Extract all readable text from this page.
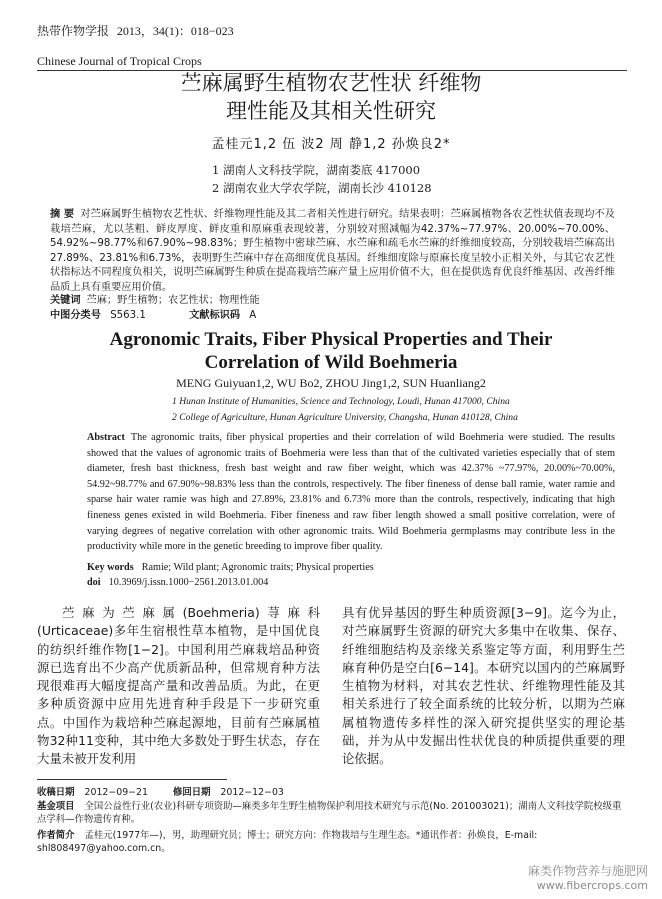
热带作物学报 2013，34(1)：018−023
Chinese Journal of Tropical Crops
苎麻属野生植物农艺性状 纤维物
理性能及其相关性研究
孟桂元1,2 伍 波2 周 静1,2 孙焕良2*
1 湖南人文科技学院，湖南娄底 417000
2 湖南农业大学农学院，湖南长沙 410128
摘 要 对苎麻属野生植物农艺性状、纤维物理性能及其二者相关性进行研究。结果表明：苎麻属植物各农艺性状值表现均不及栽培苎麻，尤以茎粗、鲜皮厚度、鲜皮重和原麻重表现较著，分别较对照减幅为42.37%~77.97%、20.00%~70.00%、54.92%~98.77%和67.90%~98.83%；野生植物中密球苎麻、水苎麻和疏毛水苎麻的纤维细度较高，分别较栽培苎麻高出27.89%、23.81%和6.73%，表明野生苎麻中存在高细度优良基因。纤维细度除与原麻长度呈较小正相关外，与其它农艺性状指标达不同程度负相关，说明苎麻属野生种质在提高栽培苎麻产量上应用价值不大，但在提供选育优良纤维基因、改善纤维品质上具有重要应用价值。
关键词 苎麻；野生植物；农艺性状；物理性能
中图分类号 S563.1	文献标识码 A
Agronomic Traits, Fiber Physical Properties and Their
Correlation of Wild Boehmeria
MENG Guiyuan1,2, WU Bo2, ZHOU Jing1,2, SUN Huanliang2
1 Hunan Institute of Humanities, Science and Technology, Loudi, Hunan 417000, China
2 College of Agriculture, Hunan Agriculture University, Changsha, Hunan 410128, China
Abstract The agronomic traits, fiber physical properties and their correlation of wild Boehmeria were studied. The results showed that the values of agronomic traits of Boehmeria were less than that of the cultivated varieties especially that of stem diameter, fresh bast thickness, fresh bast weight and raw fiber weight, which was 42.37% ~77.97%, 20.00%~70.00%, 54.92~98.77% and 67.90%~98.83% less than the controls, respectively. The fiber fineness of dense ball ramie, water ramie and sparse hair water ramie was high and 27.89%, 23.81% and 6.73% more than the controls, respectively, indicating that high fineness genes existed in wild Boehmeria. Fiber fineness and raw fiber length showed a small positive correlation, were of varying degrees of negative correlation with other agronomic traits. Wild Boehmeria germplasms may contribute less in the productivity while more in the genetic breeding to improve fiber quality.
Key words Ramie; Wild plant; Agronomic traits; Physical properties
doi 10.3969/j.issn.1000−2561.2013.01.004
苎麻为苎麻属(Boehmeria)荨麻科(Urticaceae)多年生宿根性草本植物，是中国优良的纺织纤维作物[1−2]。中国利用苎麻栽培品种资源已选育出不少高产优质新品种，但常规育种方法现很难再大幅度提高产量和改善品质。为此，在更多种质资源中应用先进育种手段是下一步研究重点。中国作为栽培种苎麻起源地，目前有苎麻属植物32种11变种，其中绝大多数处于野生状态，存在大量未被开发利用
具有优异基因的野生种质资源[3−9]。迄今为止，对苎麻属野生资源的研究大多集中在收集、保存、纤维细胞结构及亲缘关系鉴定等方面，利用野生苎麻育种仍是空白[6−14]。本研究以国内的苎麻属野生植物为材料，对其农艺性状、纤维物理性能及其相关系进行了较全面系统的比较分析，以期为苎麻属植物遗传多样性的深入研究提供坚实的理论基础，并为从中发掘出性状优良的种质提供重要的理论依据。
收稿日期 2012−09−21	修回日期 2012−12−03
基金项目 全国公益性行业(农业)科研专项资助—麻类多年生野生植物保护利用技术研究与示范(No. 201003021)；湖南人文科技学院校级重点学科—作物遗传育种。
作者简介 孟桂元(1977年—)，男，助理研究员；博士；研究方向：作物栽培与生理生态。*通讯作者：孙焕良，E-mail: shl808497@yahoo.com.cn。
麻类作物营养与施肥网
www.fibercrops.com
